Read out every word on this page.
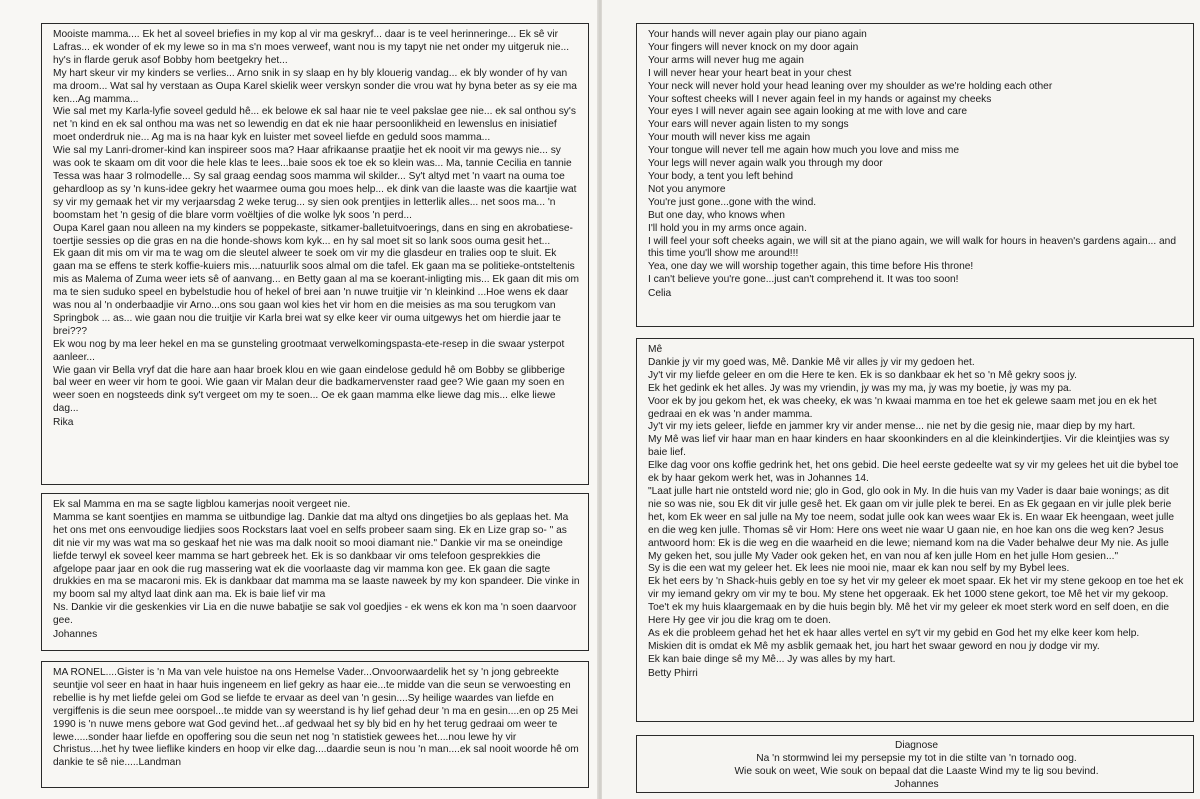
Mooiste mamma.... Ek het al soveel briefies in my kop al vir ma geskryf... daar is te veel herinneringe... Ek sê vir Lafras... ek wonder of ek my lewe so in ma s'n moes verweef, want nou is my tapyt nie net onder my uitgeruk nie... hy's in flarde geruk asof Bobby hom beetgekry het...

My hart skeur vir my kinders se verlies... Arno snik in sy slaap en hy bly klouerig vandag... ek bly wonder of hy van ma droom... Wat sal hy verstaan as Oupa Karel skielik weer verskyn sonder die vrou wat hy byna beter as sy eie ma ken...Ag mamma...

Wie sal met my Karla-lyfie soveel geduld hê... ek belowe ek sal haar nie te veel pakslae gee nie... ek sal onthou sy's net 'n kind en ek sal onthou ma was net so lewendig en dat ek nie haar persoonlikheid en lewenslus en inisiatief moet onderdruk nie... Ag ma is na haar kyk en luister met soveel liefde en geduld soos mamma...

Wie sal my Lanri-dromer-kind kan inspireer soos ma? Haar afrikaanse praatjie het ek nooit vir ma gewys nie... sy was ook te skaam om dit voor die hele klas te lees...baie soos ek toe ek so klein was... Ma, tannie Cecilia en tannie Tessa was haar 3 rolmodelle... Sy sal graag eendag soos mamma wil skilder... Sy't altyd met 'n vaart na ouma toe gehardloop as sy 'n kuns-idee gekry het waarmee ouma gou moes help... ek dink van die laaste was die kaartjie wat sy vir my gemaak het vir my verjaarsdag 2 weke terug... sy sien ook prentjies in letterlik alles... net soos ma... 'n boomstam het 'n gesig of die blare vorm voëltjies of die wolke lyk soos 'n perd...

Oupa Karel gaan nou alleen na my kinders se poppekaste, sitkamer-balletuitvoerings, dans en sing en akrobatiese-toertjie sessies op die gras en na die honde-shows kom kyk... en hy sal moet sit so lank soos ouma gesit het...

Ek gaan dit mis om vir ma te wag om die sleutel alweer te soek om vir my die glasdeur en tralies oop te sluit. Ek gaan ma se effens te sterk koffie-kuiers mis....natuurlik soos almal om die tafel. Ek gaan ma se politieke-ontsteltenis mis as Malema of Zuma weer iets sê of aanvang... en Betty gaan al ma se koerant-inligting mis... Ek gaan dit mis om ma te sien suduko speel en bybelstudie hou of hekel of brei aan 'n nuwe truitjie vir 'n kleinkind ...Hoe wens ek daar was nou al 'n onderbaadjie vir Arno...ons sou gaan wol kies het vir hom en die meisies as ma sou terugkom van Springbok ... as... wie gaan nou die truitjie vir Karla brei wat sy elke keer vir ouma uitgewys het om hierdie jaar te brei???

Ek wou nog by ma leer hekel en ma se gunsteling grootmaat verwelkomingspasta-ete-resep in die swaar ysterpot aanleer...

Wie gaan vir Bella vryf dat die hare aan haar broek klou en wie gaan eindelose geduld hê om Bobby se glibberige bal weer en weer vir hom te gooi. Wie gaan vir Malan deur die badkamervenster raad gee? Wie gaan my soen en weer soen en nogsteeds dink sy't vergeet om my te soen... Oe ek gaan mamma elke liewe dag mis... elke liewe dag...

Rika

Ek sal Mamma en ma se sagte ligblou kamerjas nooit vergeet nie.

Mamma se kant soentjies en mamma se uitbundige lag. Dankie dat ma altyd ons dingetjies bo als geplaas het. Ma het ons met ons eenvoudige liedjies soos Rockstars laat voel en selfs probeer saam sing. Ek en Lize grap so- " as dit nie vir my was wat ma so geskaaf het nie was ma dalk nooit so mooi diamant nie." Dankie vir ma se oneindige liefde terwyl ek soveel keer mamma se hart gebreek het. Ek is so dankbaar vir oms telefoon gesprekkies die afgelope paar jaar en ook die rug massering wat ek die voorlaaste dag vir mamma kon gee. Ek gaan die sagte drukkies en ma se macaroni mis. Ek is dankbaar dat mamma ma se laaste naweek by my kon spandeer. Die vinke in my boom sal my altyd laat dink aan ma. Ek is baie lief vir ma

Ns. Dankie vir die geskenkies vir Lia en die nuwe babatjie se sak vol goedjies - ek wens ek kon ma 'n soen daarvoor gee.

Johannes

MA RONEL....Gister is 'n Ma van vele huistoe na ons Hemelse Vader...Onvoorwaardelik het sy 'n jong gebreekte seuntjie vol seer en haat in haar huis ingeneem en lief gekry as haar eie...te midde van die seun se verwoesting en rebellie is hy met liefde gelei om God se liefde te ervaar as deel van 'n gesin....Sy heilige waardes van liefde en vergiffenis is die seun mee oorspoel...te midde van sy weerstand is hy lief gehad deur 'n ma en gesin....en op 25 Mei 1990 is 'n nuwe mens gebore wat God gevind het...af gedwaal het sy bly bid en hy het terug gedraai om weer te lewe.....sonder haar liefde en opoffering sou die seun net nog 'n statistiek gewees het....nou lewe hy vir Christus....het hy twee lieflike kinders en hoop vir elke dag....daardie seun is nou 'n man....ek sal nooit woorde hê om dankie te sê nie.....Landman

Your hands will never again play our piano again

Your fingers will never knock on my door again

Your arms will never hug me again

I will never hear your heart beat in your chest

Your neck will never hold your head leaning over my shoulder as we're holding each other

Your softest cheeks will I never again feel in my hands or against my cheeks

Your eyes I will never again see again looking at me with love and care

Your ears will never again listen to my songs

Your mouth will never kiss me again

Your tongue will never tell me again how much you love and miss me

Your legs will never again walk you through my door

Your body, a tent you left behind

Not you anymore

You're just gone...gone with the wind.

But one day, who knows when

I'll hold you in my arms once again.

I will feel your soft cheeks again, we will sit at the piano again, we will walk for hours in heaven's gardens again... and this time you'll show me around!!!

Yea, one day we will worship together again, this time before His throne!

I can't believe you're gone...just can't comprehend it. It was too soon!

Celia

Mê

Dankie jy vir my goed was, Mê. Dankie Mê vir alles jy vir my gedoen het.

Jy't vir my liefde geleer en om die Here te ken. Ek is so dankbaar ek het so 'n Mê gekry soos jy.

Ek het gedink ek het alles. Jy was my vriendin, jy was my ma, jy was my boetie, jy was my pa.

Voor ek by jou gekom het, ek was cheeky, ek was 'n kwaai mamma en toe het ek gelewe saam met jou en ek het gedraai en ek was 'n ander mamma.

Jy't vir my iets geleer, liefde en jammer kry vir ander mense... nie net by die gesig nie, maar diep by my hart.

My Mê was lief vir haar man en haar kinders en haar skoonkinders en al die kleinkindertjies. Vir die kleintjies was sy baie lief.

Elke dag voor ons koffie gedrink het, het ons gebid. Die heel eerste gedeelte wat sy vir my gelees het uit die bybel toe ek by haar gekom werk het, was in Johannes 14.

"Laat julle hart nie ontsteld word nie; glo in God, glo ook in My. In die huis van my Vader is daar baie wonings; as dit nie so was nie, sou Ek dit vir julle gesê het. Ek gaan om vir julle plek te berei. En as Ek gegaan en vir julle plek berie het, kom Ek weer en sal julle na My toe neem, sodat julle ook kan wees waar Ek is. En waar Ek heengaan, weet julle en die weg ken julle. Thomas sê vir Hom: Here ons weet nie waar U gaan nie, en hoe kan ons die weg ken? Jesus antwoord hom: Ek is die weg en die waarheid en die lewe; niemand kom na die Vader behalwe deur My nie. As julle My geken het, sou julle My Vader ook geken het, en van nou af ken julle Hom en het julle Hom gesien..."

Sy is die een wat my geleer het. Ek lees nie mooi nie, maar ek kan nou self by my Bybel lees.

Ek het eers by 'n Shack-huis gebly en toe sy het vir my geleer ek moet spaar. Ek het vir my stene gekoop en toe het ek vir my iemand gekry om vir my te bou. My stene het opgeraak. Ek het 1000 stene gekort, toe Mê het vir my gekoop. Toe't ek my huis klaargemaak en by die huis begin bly. Mê het vir my geleer ek moet sterk word en self doen, en die Here Hy gee vir jou die krag om te doen.

As ek die probleem gehad het het ek haar alles vertel en sy't vir my gebid en God het my elke keer kom help.

Miskien dit is omdat ek Mê my asblik gemaak het, jou hart het swaar geword en nou jy dodge vir my.

Ek kan baie dinge sê my Mê... Jy was alles by my hart.

Betty Phirri

Diagnose

Na 'n stormwind lei my persepsie my tot in die stilte van 'n tornado oog.

Wie souk on weet, Wie souk on bepaal dat die Laaste Wind my te lig sou bevind.

Johannes
